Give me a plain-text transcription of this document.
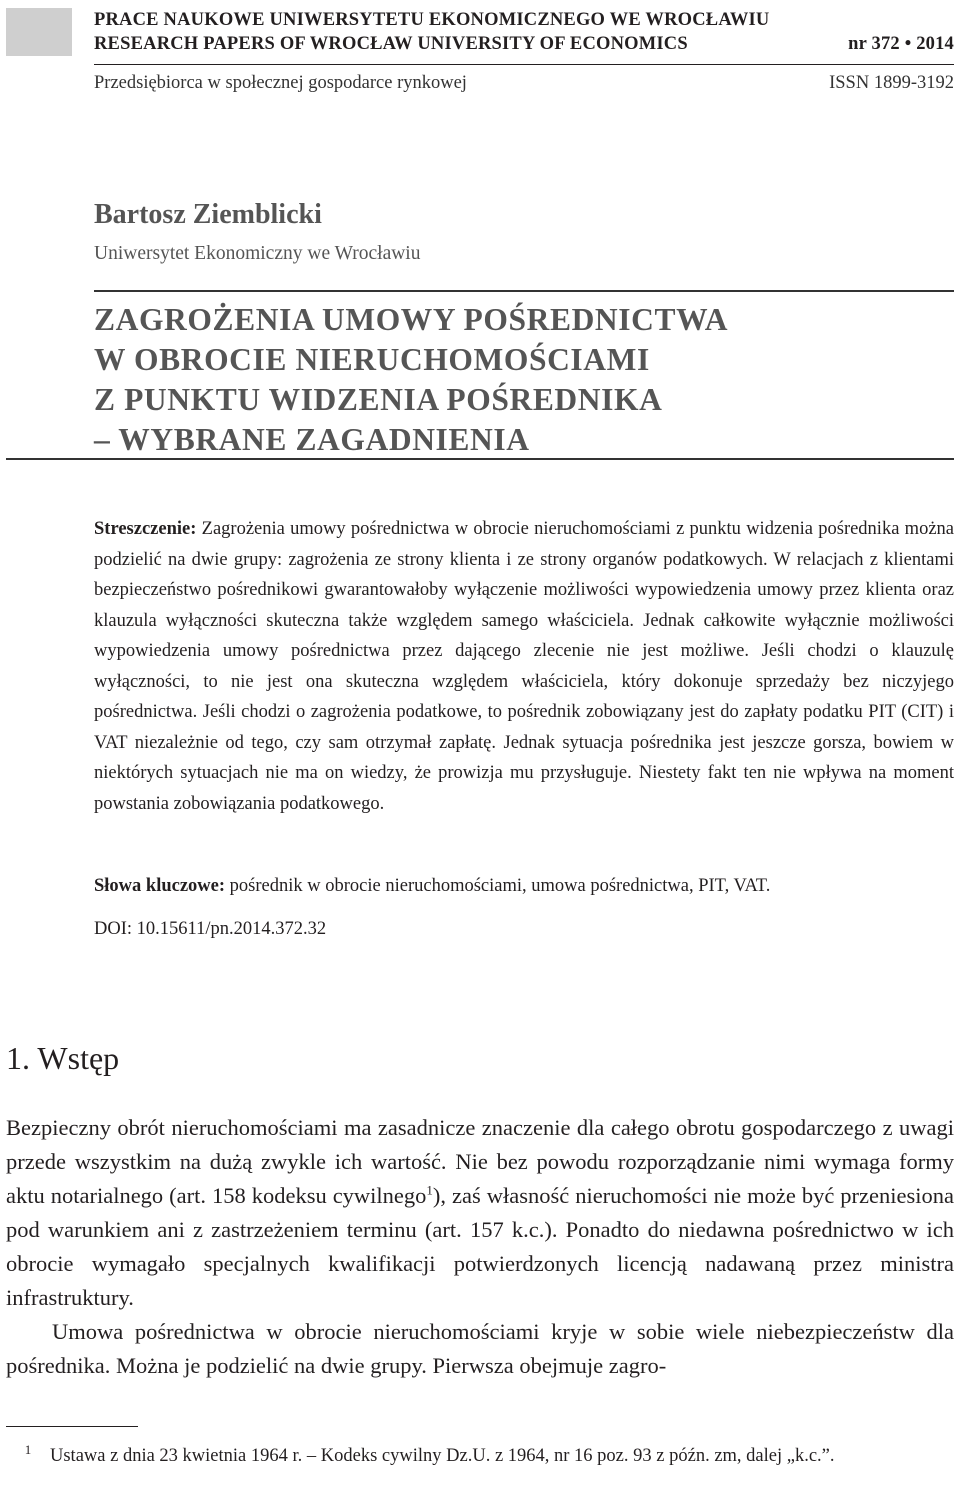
PRACE NAUKOWE UNIWERSYTETU EKONOMICZNEGO WE WROCŁAWIU
RESEARCH PAPERS OF WROCŁAW UNIVERSITY OF ECONOMICS	nr 372 • 2014
Przedsiębiorca w społecznej gospodarce rynkowej	ISSN 1899-3192
Bartosz Ziemblicki
Uniwersytet Ekonomiczny we Wrocławiu
ZAGROŻENIA UMOWY POŚREDNICTWA
W OBROCIE NIERUCHOMOŚCIAMI
Z PUNKTU WIDZENIA POŚREDNIKA
– WYBRANE ZAGADNIENIA
Streszczenie: Zagrożenia umowy pośrednictwa w obrocie nieruchomościami z punktu widzenia pośrednika można podzielić na dwie grupy: zagrożenia ze strony klienta i ze strony organów podatkowych. W relacjach z klientami bezpieczeństwo pośrednikowi gwarantowałoby wyłączenie możliwości wypowiedzenia umowy przez klienta oraz klauzula wyłączności skuteczna także względem samego właściciela. Jednak całkowite wyłącznie możliwości wypowiedzenia umowy pośrednictwa przez dającego zlecenie nie jest możliwe. Jeśli chodzi o klauzulę wyłączności, to nie jest ona skuteczna względem właściciela, który dokonuje sprzedaży bez niczyjego pośrednictwa. Jeśli chodzi o zagrożenia podatkowe, to pośrednik zobowiązany jest do zapłaty podatku PIT (CIT) i VAT niezależnie od tego, czy sam otrzymał zapłatę. Jednak sytuacja pośrednika jest jeszcze gorsza, bowiem w niektórych sytuacjach nie ma on wiedzy, że prowizja mu przysługuje. Niestety fakt ten nie wpływa na moment powstania zobowiązania podatkowego.
Słowa kluczowe: pośrednik w obrocie nieruchomościami, umowa pośrednictwa, PIT, VAT.
DOI: 10.15611/pn.2014.372.32
1. Wstęp

Bezpieczny obrót nieruchomościami ma zasadnicze znaczenie dla całego obrotu gospodarczego z uwagi przede wszystkim na dużą zwykle ich wartość. Nie bez powodu rozporządzanie nimi wymaga formy aktu notarialnego (art. 158 kodeksu cywilnego$^1$), zaś własność nieruchomości nie może być przeniesiona pod warunkiem ani z zastrzeżeniem terminu (art. 157 k.c.). Ponadto do niedawna pośrednictwo w ich obrocie wymagało specjalnych kwalifikacji potwierdzonych licencją nadawaną przez ministra infrastruktury.

Umowa pośrednictwa w obrocie nieruchomościami kryje w sobie wiele niebezpieczeństw dla pośrednika. Można je podzielić na dwie grupy. Pierwsza obejmuje zagro-

1 Ustawa z dnia 23 kwietnia 1964 r. – Kodeks cywilny Dz.U. z 1964, nr 16 poz. 93 z późn. zm, dalej „k.c.”.
